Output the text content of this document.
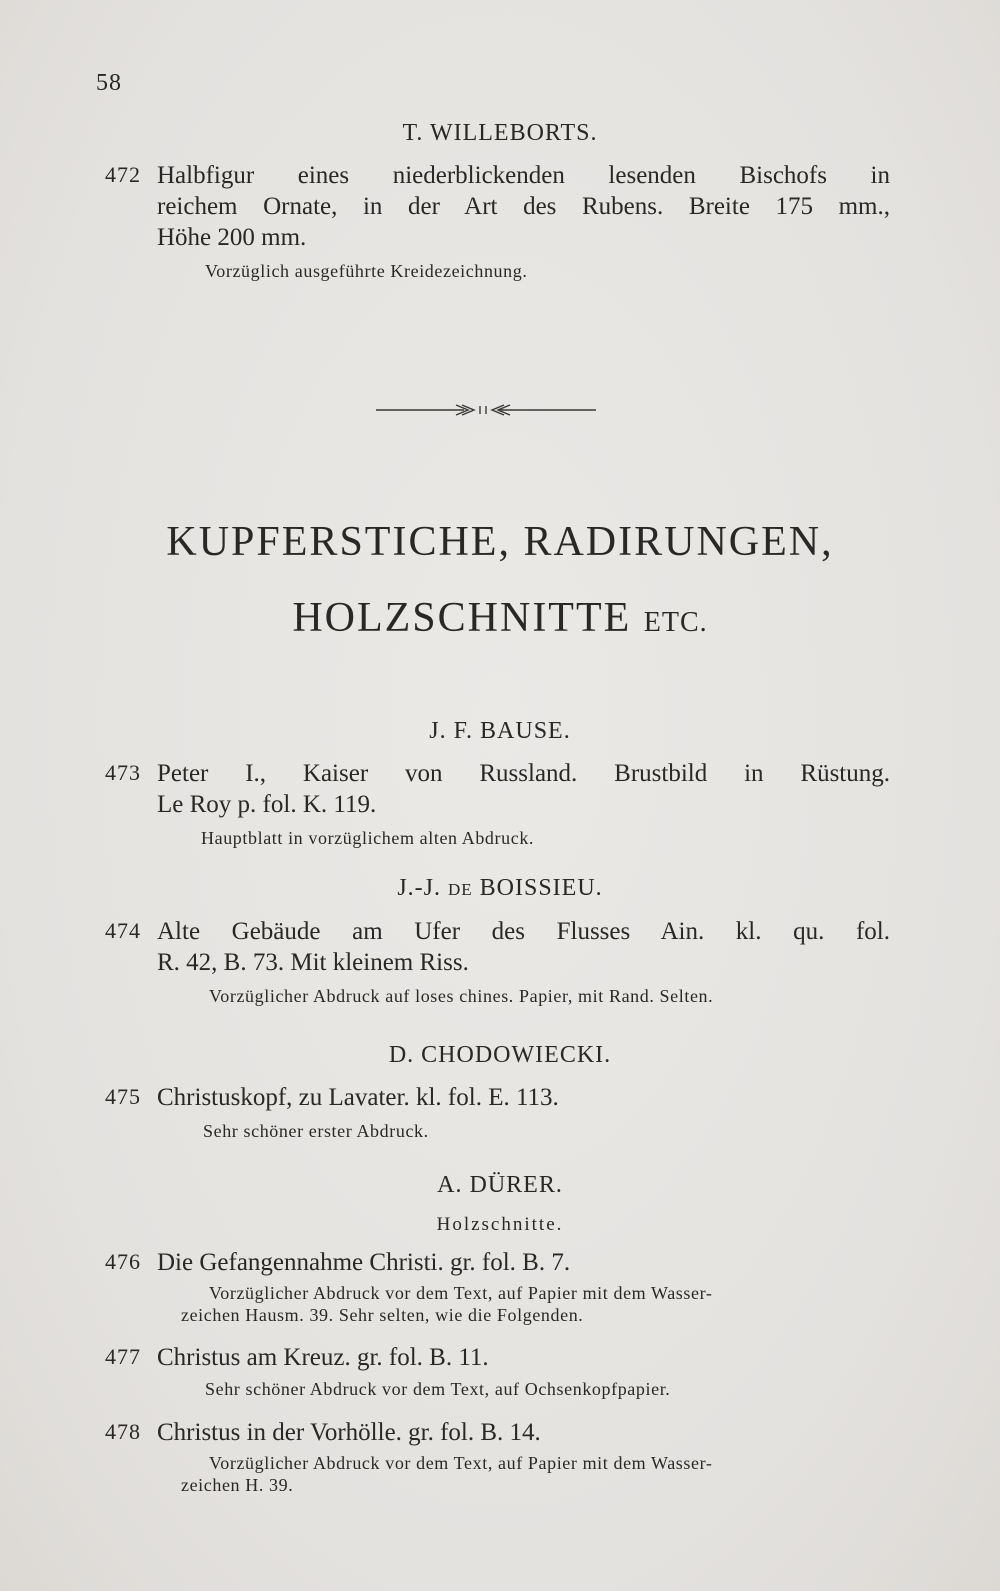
58
T. WILLEBORTS.
472 Halbfigur eines niederblickenden lesenden Bischofs in
reichem Ornate, in der Art des Rubens. Breite 175 mm.,
Höhe 200 mm.
Vorzüglich ausgeführte Kreidezeichnung.
KUPFERSTICHE, RADIRUNGEN,
HOLZSCHNITTE ETC.
J. F. BAUSE.
473 Peter I., Kaiser von Russland. Brustbild in Rüstung.
Le Roy p. fol. K. 119.
Hauptblatt in vorzüglichem alten Abdruck.
J.-J. DE BOISSIEU.
474 Alte Gebäude am Ufer des Flusses Ain. kl. qu. fol.
R. 42, B. 73. Mit kleinem Riss.
Vorzüglicher Abdruck auf loses chines. Papier, mit Rand. Selten.
D. CHODOWIECKI.
475 Christuskopf, zu Lavater. kl. fol. E. 113.
Sehr schöner erster Abdruck.
A. DÜRER.
Holzschnitte.
476 Die Gefangennahme Christi. gr. fol. B. 7.
Vorzüglicher Abdruck vor dem Text, auf Papier mit dem Wasser-
zeichen Hausm. 39. Sehr selten, wie die Folgenden.
477 Christus am Kreuz. gr. fol. B. 11.
Sehr schöner Abdruck vor dem Text, auf Ochsenkopfpapier.
478 Christus in der Vorhölle. gr. fol. B. 14.
Vorzüglicher Abdruck vor dem Text, auf Papier mit dem Wasser-
zeichen H. 39.
